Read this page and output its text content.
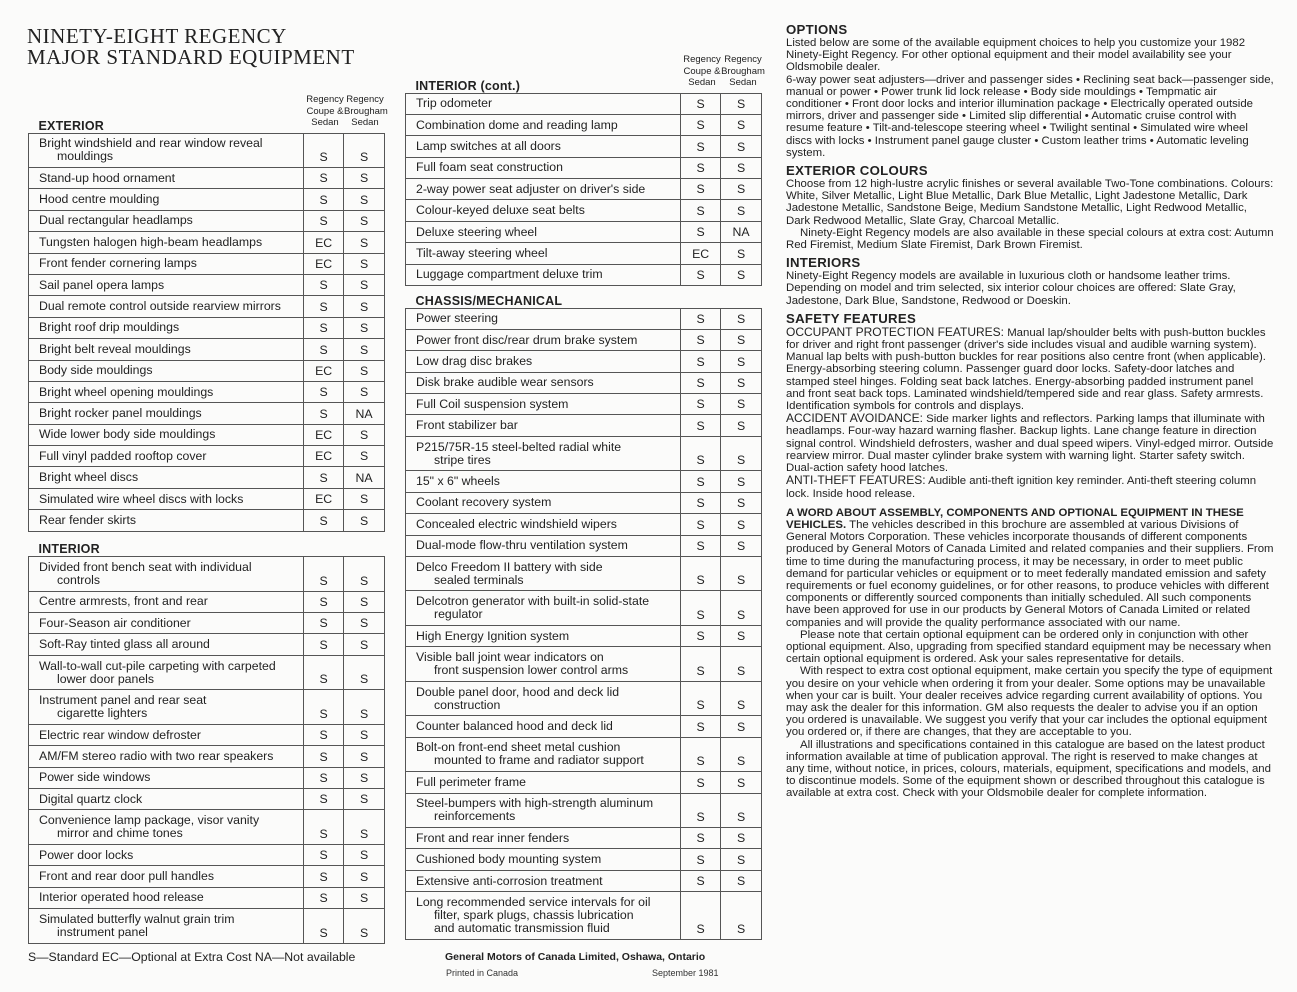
NINETY-EIGHT REGENCY
MAJOR STANDARD EQUIPMENT
Regency
Coupe &
Sedan
Regency
Brougham
Sedan
Regency
Coupe &
Sedan
Regency
Brougham
Sedan
EXTERIOR		

Bright windshield and rear window reveal
mouldings	S	S

Stand-up hood ornament	S	S

Hood centre moulding	S	S

Dual rectangular headlamps	S	S

Tungsten halogen high-beam headlamps	EC	S

Front fender cornering lamps	EC	S

Sail panel opera lamps	S	S

Dual remote control outside rearview mirrors	S	S

Bright roof drip mouldings	S	S

Bright belt reveal mouldings	S	S

Body side mouldings	EC	S

Bright wheel opening mouldings	S	S

Bright rocker panel mouldings	S	NA

Wide lower body side mouldings	EC	S

Full vinyl padded rooftop cover	EC	S

Bright wheel discs	S	NA

Simulated wire wheel discs with locks	EC	S

Rear fender skirts	S	S
INTERIOR		

Divided front bench seat with individual
controls	S	S

Centre armrests, front and rear	S	S

Four-Season air conditioner	S	S

Soft-Ray tinted glass all around	S	S

Wall-to-wall cut-pile carpeting with carpeted
lower door panels	S	S

Instrument panel and rear seat
cigarette lighters	S	S

Electric rear window defroster	S	S

AM/FM stereo radio with two rear speakers	S	S

Power side windows	S	S

Digital quartz clock	S	S

Convenience lamp package, visor vanity
mirror and chime tones	S	S

Power door locks	S	S

Front and rear door pull handles	S	S

Interior operated hood release	S	S

Simulated butterfly walnut grain trim
instrument panel	S	S
INTERIOR (cont.)		

Trip odometer	S	S

Combination dome and reading lamp	S	S

Lamp switches at all doors	S	S

Full foam seat construction	S	S

2-way power seat adjuster on driver's side	S	S

Colour-keyed deluxe seat belts	S	S

Deluxe steering wheel	S	NA

Tilt-away steering wheel	EC	S

Luggage compartment deluxe trim	S	S
CHASSIS/MECHANICAL		

Power steering	S	S

Power front disc/rear drum brake system	S	S

Low drag disc brakes	S	S

Disk brake audible wear sensors	S	S

Full Coil suspension system	S	S

Front stabilizer bar	S	S

P215/75R-15 steel-belted radial white
stripe tires	S	S

15" x 6" wheels	S	S

Coolant recovery system	S	S

Concealed electric windshield wipers	S	S

Dual-mode flow-thru ventilation system	S	S

Delco Freedom II battery with side
sealed terminals	S	S

Delcotron generator with built-in solid-state
regulator	S	S

High Energy Ignition system	S	S

Visible ball joint wear indicators on
front suspension lower control arms	S	S

Double panel door, hood and deck lid
construction	S	S

Counter balanced hood and deck lid	S	S

Bolt-on front-end sheet metal cushion
mounted to frame and radiator support	S	S

Full perimeter frame	S	S

Steel-bumpers with high-strength aluminum
reinforcements	S	S

Front and rear inner fenders	S	S

Cushioned body mounting system	S	S

Extensive anti-corrosion treatment	S	S

Long recommended service intervals for oil
filter, spark plugs, chassis lubrication
and automatic transmission fluid	S	S
S—Standard EC—Optional at Extra Cost NA—Not available	General Motors of Canada Limited, Oshawa, Ontario
Printed in Canada	September 1981
OPTIONS

Listed below are some of the available equipment choices to help you customize your 1982 Ninety-Eight Regency. For other optional equipment and their model availability see your Oldsmobile dealer.

6-way power seat adjusters—driver and passenger sides • Reclining seat back—passenger side, manual or power • Power trunk lid lock release • Body side mouldings • Tempmatic air conditioner • Front door locks and interior illumination package • Electrically operated outside mirrors, driver and passenger side • Limited slip differential • Automatic cruise control with resume feature • Tilt-and-telescope steering wheel • Twilight sentinal • Simulated wire wheel discs with locks • Instrument panel gauge cluster • Custom leather trims • Automatic leveling system.

EXTERIOR COLOURS

Choose from 12 high-lustre acrylic finishes or several available Two-Tone combinations. Colours: White, Silver Metallic, Light Blue Metallic, Dark Blue Metallic, Light Jadestone Metallic, Dark Jadestone Metallic, Sandstone Beige, Medium Sandstone Metallic, Light Redwood Metallic, Dark Redwood Metallic, Slate Gray, Charcoal Metallic.

Ninety-Eight Regency models are also available in these special colours at extra cost: Autumn Red Firemist, Medium Slate Firemist, Dark Brown Firemist.

INTERIORS

Ninety-Eight Regency models are available in luxurious cloth or handsome leather trims. Depending on model and trim selected, six interior colour choices are offered: Slate Gray, Jadestone, Dark Blue, Sandstone, Redwood or Doeskin.

SAFETY FEATURES

OCCUPANT PROTECTION FEATURES: Manual lap/shoulder belts with push-button buckles for driver and right front passenger (driver's side includes visual and audible warning system). Manual lap belts with push-button buckles for rear positions also centre front (when applicable). Energy-absorbing steering column. Passenger guard door locks. Safety-door latches and stamped steel hinges. Folding seat back latches. Energy-absorbing padded instrument panel and front seat back tops. Laminated windshield/tempered side and rear glass. Safety armrests. Identification symbols for controls and displays.

ACCIDENT AVOIDANCE: Side marker lights and reflectors. Parking lamps that illuminate with headlamps. Four-way hazard warning flasher. Backup lights. Lane change feature in direction signal control. Windshield defrosters, washer and dual speed wipers. Vinyl-edged mirror. Outside rearview mirror. Dual master cylinder brake system with warning light. Starter safety switch. Dual-action safety hood latches.

ANTI-THEFT FEATURES: Audible anti-theft ignition key reminder. Anti-theft steering column lock. Inside hood release.

A WORD ABOUT ASSEMBLY, COMPONENTS AND OPTIONAL EQUIPMENT IN THESE VEHICLES. The vehicles described in this brochure are assembled at various Divisions of General Motors Corporation. These vehicles incorporate thousands of different components produced by General Motors of Canada Limited and related companies and their suppliers. From time to time during the manufacturing process, it may be necessary, in order to meet public demand for particular vehicles or equipment or to meet federally mandated emission and safety requirements or fuel economy guidelines, or for other reasons, to produce vehicles with different components or differently sourced components than initially scheduled. All such components have been approved for use in our products by General Motors of Canada Limited or related companies and will provide the quality performance associated with our name.

Please note that certain optional equipment can be ordered only in conjunction with other optional equipment. Also, upgrading from specified standard equipment may be necessary when certain optional equipment is ordered. Ask your sales representative for details.

With respect to extra cost optional equipment, make certain you specify the type of equipment you desire on your vehicle when ordering it from your dealer. Some options may be unavailable when your car is built. Your dealer receives advice regarding current availability of options. You may ask the dealer for this information. GM also requests the dealer to advise you if an option you ordered is unavailable. We suggest you verify that your car includes the optional equipment you ordered or, if there are changes, that they are acceptable to you.

All illustrations and specifications contained in this catalogue are based on the latest product information available at time of publication approval. The right is reserved to make changes at any time, without notice, in prices, colours, materials, equipment, specifications and models, and to discontinue models. Some of the equipment shown or described throughout this catalogue is available at extra cost. Check with your Oldsmobile dealer for complete information.
